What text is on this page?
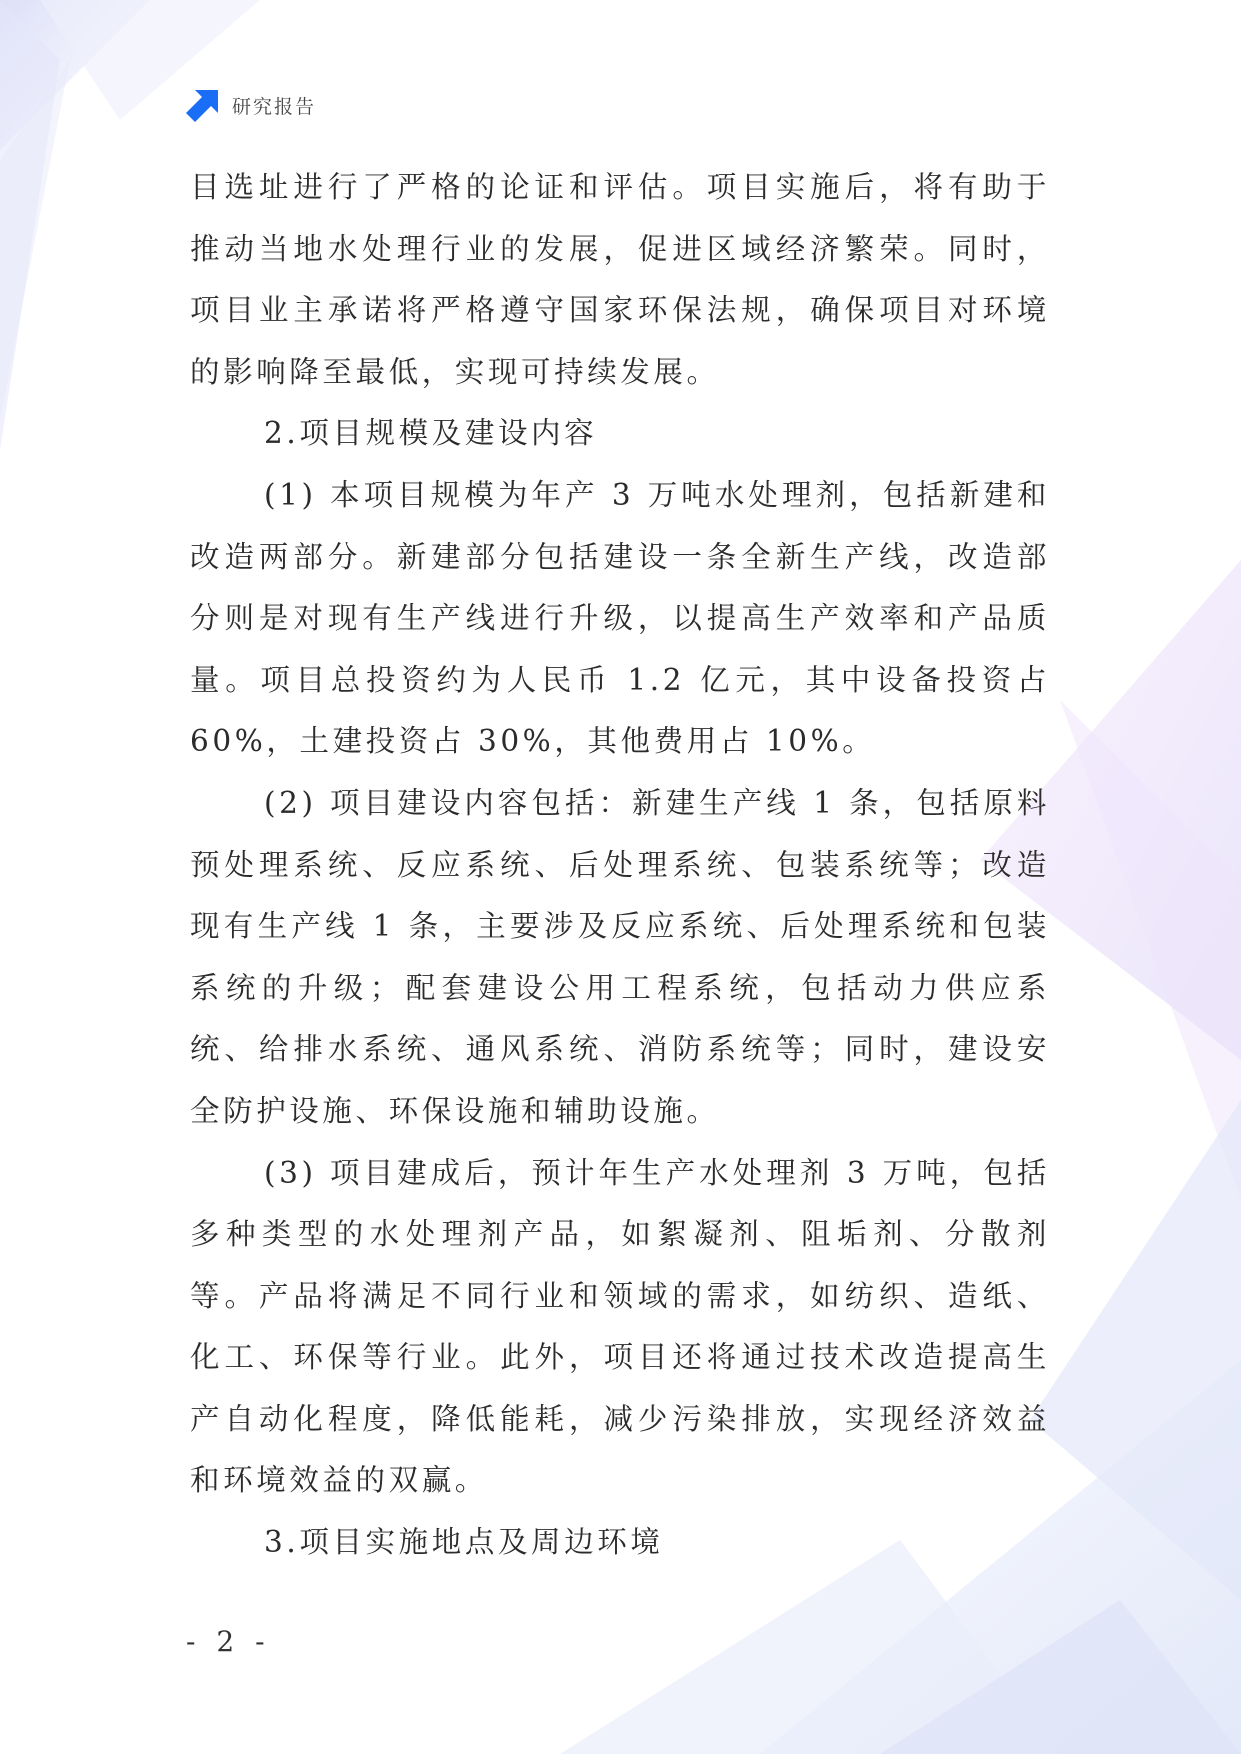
研究报告

目选址进行了严格的论证和评估。项目实施后，将有助于推动当地水处理行业的发展，促进区域经济繁荣。同时，项目业主承诺将严格遵守国家环保法规，确保项目对环境的影响降至最低，实现可持续发展。

2.项目规模及建设内容

(1) 本项目规模为年产 3 万吨水处理剂，包括新建和改造两部分。新建部分包括建设一条全新生产线，改造部分则是对现有生产线进行升级，以提高生产效率和产品质量。项目总投资约为人民币 1.2 亿元，其中设备投资占 60%，土建投资占 30%，其他费用占 10%。

(2) 项目建设内容包括：新建生产线 1 条，包括原料预处理系统、反应系统、后处理系统、包装系统等；改造现有生产线 1 条，主要涉及反应系统、后处理系统和包装系统的升级；配套建设公用工程系统，包括动力供应系统、给排水系统、通风系统、消防系统等；同时，建设安全防护设施、环保设施和辅助设施。

(3) 项目建成后，预计年生产水处理剂 3 万吨，包括多种类型的水处理剂产品，如絮凝剂、阻垢剂、分散剂等。产品将满足不同行业和领域的需求，如纺织、造纸、化工、环保等行业。此外，项目还将通过技术改造提高生产自动化程度，降低能耗，减少污染排放，实现经济效益和环境效益的双赢。

3.项目实施地点及周边环境

- 2 -
